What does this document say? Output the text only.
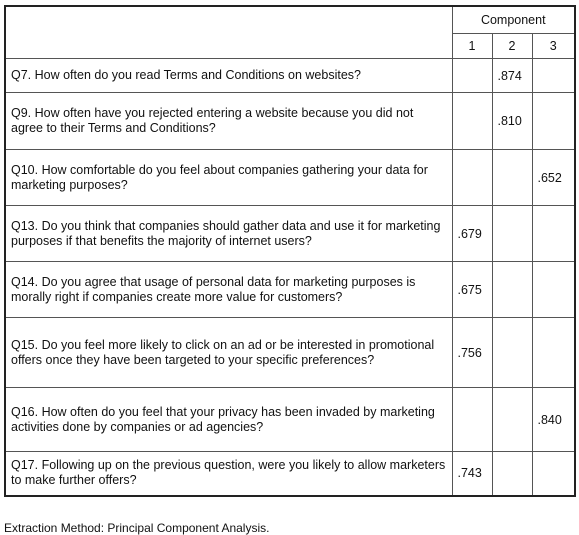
	Component		
	1	2	3
Q7. How often do you read Terms and Conditions on websites?		.874	
Q9. How often have you rejected entering a website because you did not agree to their Terms and Conditions?		.810	
Q10. How comfortable do you feel about companies gathering your data for marketing purposes?			.652
Q13. Do you think that companies should gather data and use it for marketing purposes if that benefits the majority of internet users?	.679		
Q14. Do you agree that usage of personal data for marketing purposes is morally right if companies create more value for customers?	.675		
Q15. Do you feel more likely to click on an ad or be interested in promotional offers once they have been targeted to your specific preferences?	.756		
Q16. How often do you feel that your privacy has been invaded by marketing activities done by companies or ad agencies?			.840
Q17. Following up on the previous question, were you likely to allow marketers to make further offers?	.743		
Extraction Method: Principal Component Analysis.
